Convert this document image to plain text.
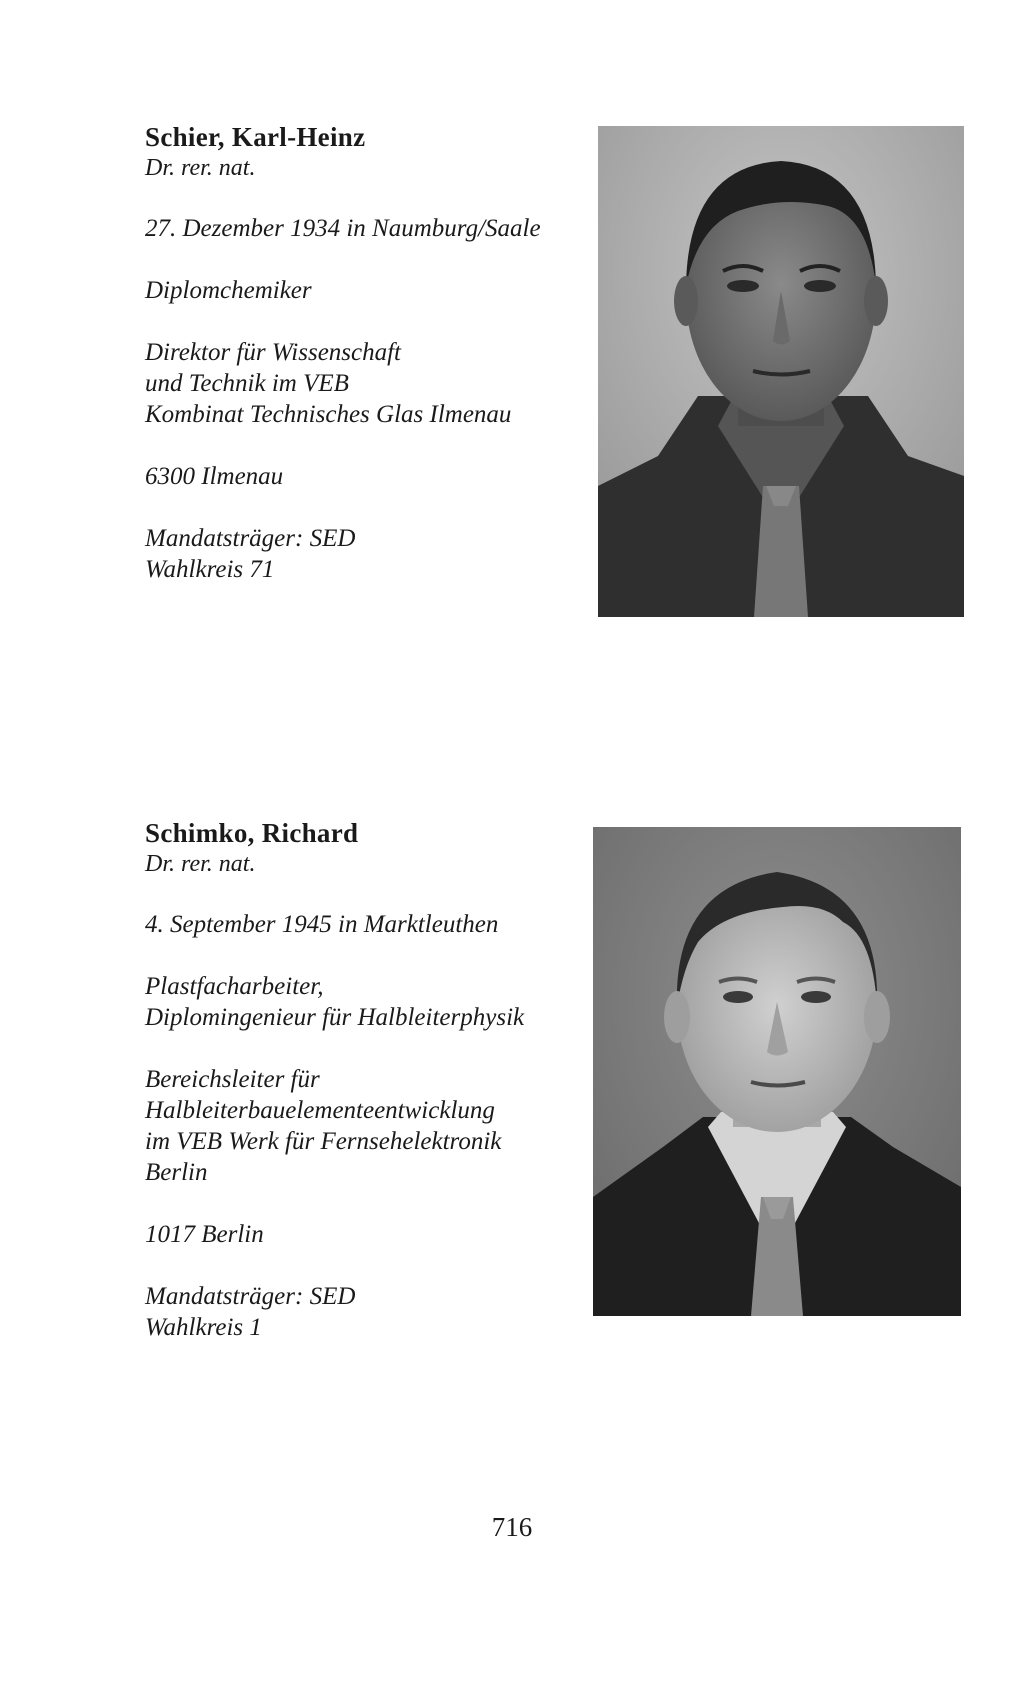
Schier, Karl-Heinz

Dr. rer. nat.

27. Dezember 1934 in Naumburg/Saale

Diplomchemiker

Direktor für Wissenschaft

und Technik im VEB

Kombinat Technisches Glas Ilmenau

6300 Ilmenau

Mandatsträger: SED

Wahlkreis 71

Schimko, Richard

Dr. rer. nat.

4. September 1945 in Marktleuthen

Plastfacharbeiter,

Diplomingenieur für Halbleiterphysik

Bereichsleiter für

Halbleiterbauelementeentwicklung

im VEB Werk für Fernsehelektronik

Berlin

1017 Berlin

Mandatsträger: SED

Wahlkreis 1

716
